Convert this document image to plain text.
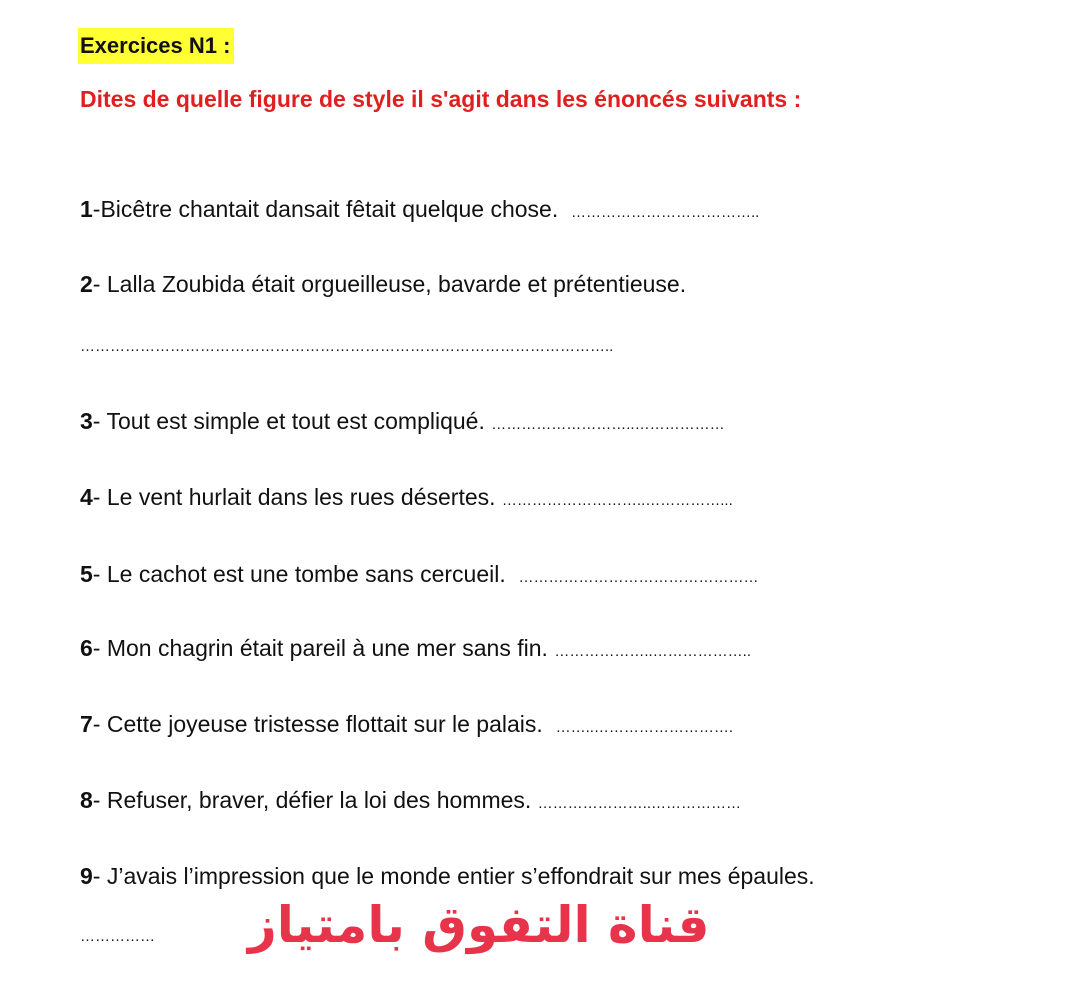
Exercices N1 :
Dites de quelle figure de style il s'agit dans les énoncés suivants :
1-Bicêtre chantait dansait fêtait quelque chose. ………………………………..
2- Lalla Zoubida était orgueilleuse, bavarde et prétentieuse.
……………………………………………………………………………………………..
3- Tout est simple et tout est compliqué. ………………………..………………
4- Le vent hurlait dans les rues désertes. ………………………..……………...
5- Le cachot est une tombe sans cercueil. …………………………………………
6- Mon chagrin était pareil à une mer sans fin. ………………..………………..
7- Cette joyeuse tristesse flottait sur le palais. ……..……………………….
8- Refuser, braver, défier la loi des hommes. …………………..………………
9- J’avais l’impression que le monde entier s’effondrait sur mes épaules.
…………… قناة التفوق بامتياز
